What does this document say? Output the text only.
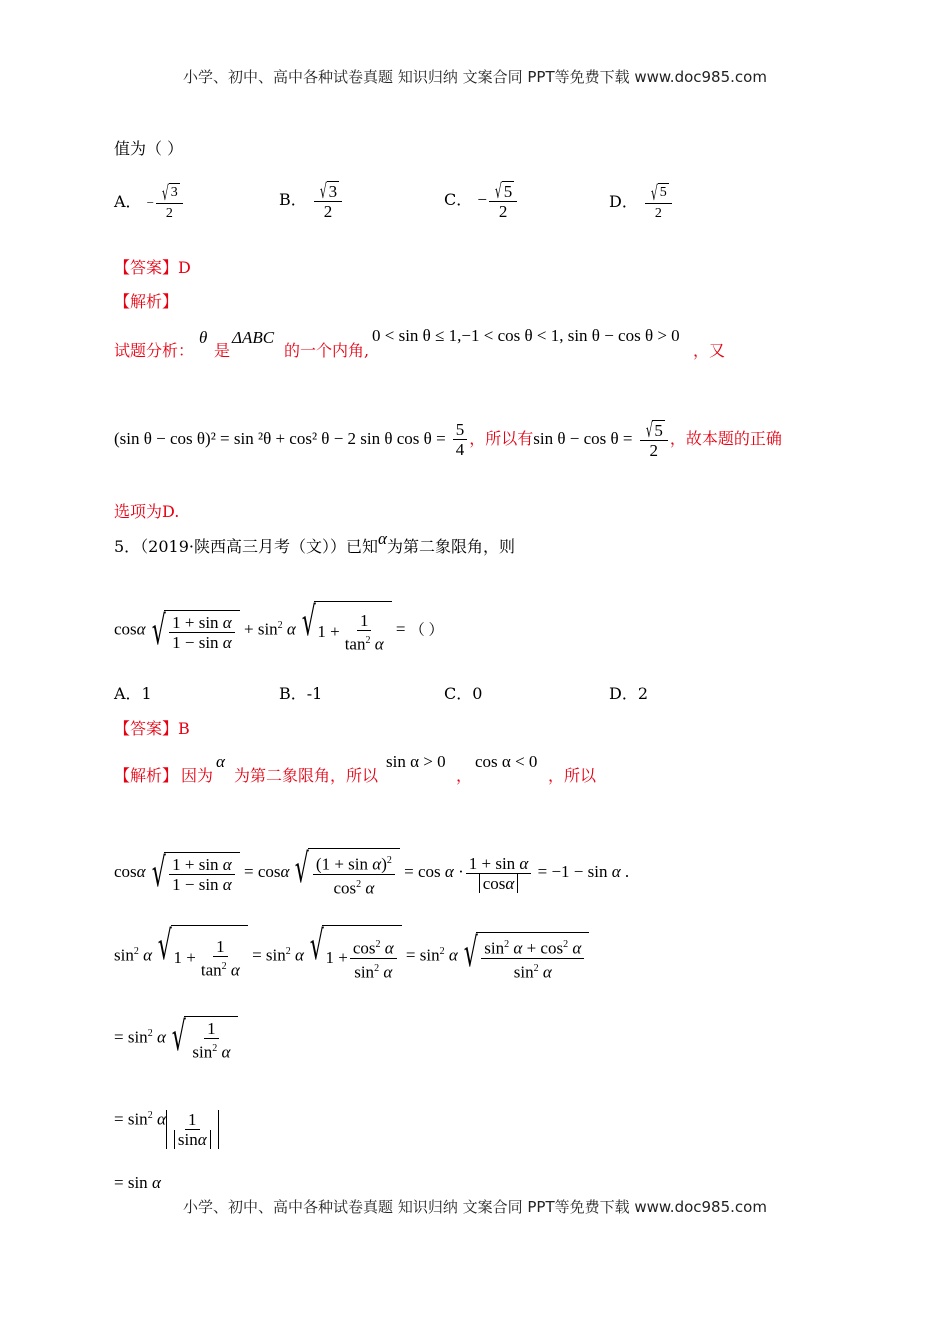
小学、初中、高中各种试卷真题 知识归纳 文案合同 PPT等免费下载 www.doc985.com
值为（ ）
A． − $\frac{√ 3}{2}$	B． $\frac{√ 3}{2}$	C． − $\frac{√ 5}{2}$	D． $\frac{√ 5}{2}$
【答案】D
【解析】
试题分析：
θ
是
ΔABC
的一个内角,
0 < sin θ ≤ 1,−1 < cos θ < 1, sin θ − cos θ > 0
，又
(sin θ − cos θ)² = sin ²θ + cos² θ − 2 sin θ $\cos \theta = \frac{5}{4}$ ，所以有$\sin \theta - \cos \theta = \frac{√ 5}{2}$ ，故本题的正确
选项为D.
5．（2019·陕西高三月考（文））已知α为第二象限角，则
cosα √ $\frac{\text{1 + sin α}}{\text{1 − sin α}} + \sin^2 \alpha$ √ $1 + \frac{1}{\tan^2 \alpha}$ = （ ）
A．1	B．-1	C．0	D．2
【答案】B
【解析】 因为
α
为第二象限角，所以
sin α > 0
，
cos α < 0
，所以
cosα √ $\frac{\text{1 + sin α}}{\text{1 − sin α}} = \cos\alpha$ √ $\frac{(1 + \sin \alpha)^2}{\cos^2 \alpha} = \cos \alpha \cdot \frac{\text{1 + sin α}}{\text{cos α}} = -1 - \sin \alpha$ .
$\sin^2 \alpha$ √ $1 + \frac{1}{\tan^2 \alpha} = \sin^2 \alpha$ √ $1 + \frac{\cos^2 \alpha}{\sin^2 \alpha} = \sin^2 \alpha$ √ $\frac{\sin^2 \alpha + \cos^2 \alpha}{\sin^2 \alpha}$
= $\sin^2 \alpha$ √ $\frac{1}{\sin^2 \alpha}$
= $\sin^2 \alpha \frac{1}{\text{sin α}}$
= sin α
小学、初中、高中各种试卷真题 知识归纳 文案合同 PPT等免费下载 www.doc985.com
